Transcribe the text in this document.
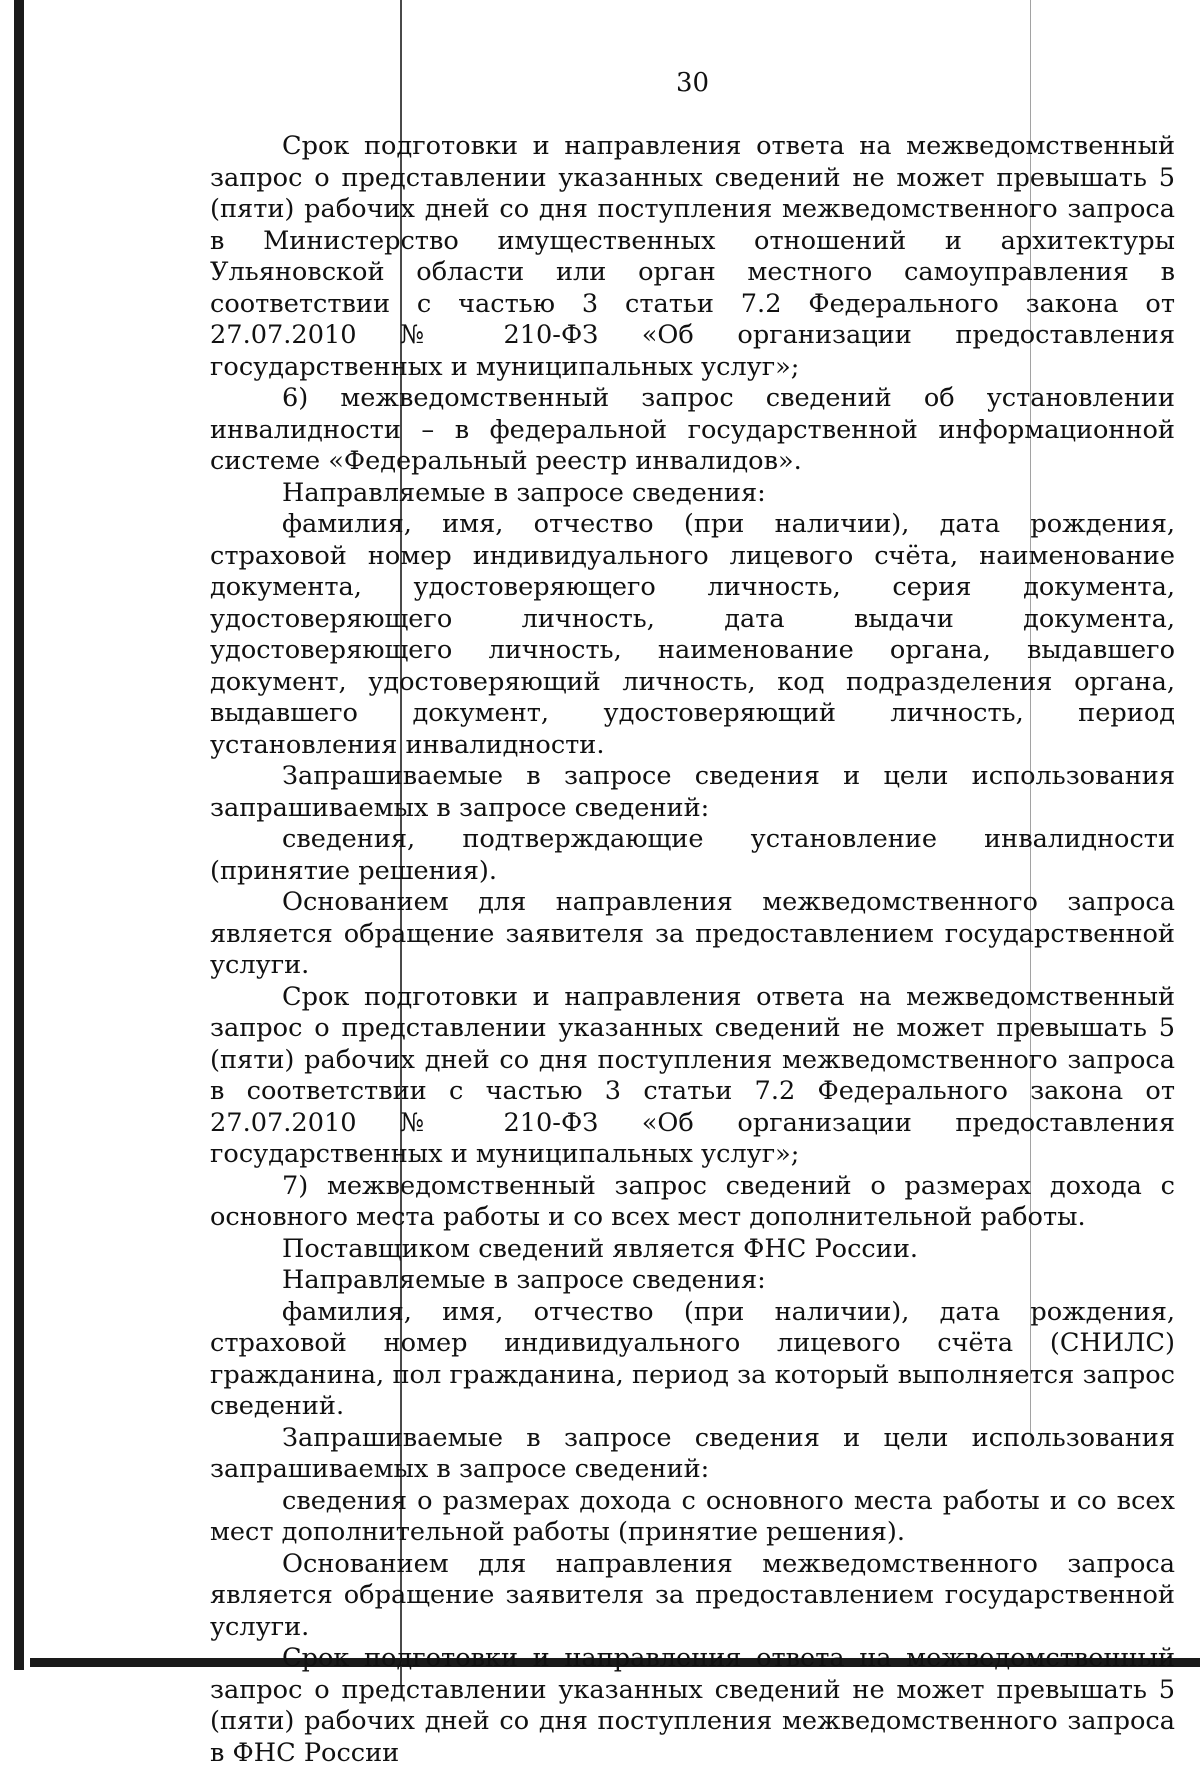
30

Срок подготовки и направления ответа на межведомственный запрос о представлении указанных сведений не может превышать 5 (пяти) рабочих дней со дня поступления межведомственного запроса в Министерство имущественных отношений и архитектуры Ульяновской области или орган местного самоуправления в соответствии с частью 3 статьи 7.2 Федерального закона от 27.07.2010 № 210-ФЗ «Об организации предоставления государственных и муниципальных услуг»;

6) межведомственный запрос сведений об установлении инвалидности – в федеральной государственной информационной системе «Федеральный реестр инвалидов».

Направляемые в запросе сведения:

фамилия, имя, отчество (при наличии), дата рождения, страховой номер индивидуального лицевого счёта, наименование документа, удостоверяющего личность, серия документа, удостоверяющего личность, дата выдачи документа, удостоверяющего личность, наименование органа, выдавшего документ, удостоверяющий личность, код подразделения органа, выдавшего документ, удостоверяющий личность, период установления инвалидности.

Запрашиваемые в запросе сведения и цели использования запрашиваемых в запросе сведений:

сведения, подтверждающие установление инвалидности (принятие решения).

Основанием для направления межведомственного запроса является обращение заявителя за предоставлением государственной услуги.

Срок подготовки и направления ответа на межведомственный запрос о представлении указанных сведений не может превышать 5 (пяти) рабочих дней со дня поступления межведомственного запроса в соответствии с частью 3 статьи 7.2 Федерального закона от 27.07.2010 № 210-ФЗ «Об организации предоставления государственных и муниципальных услуг»;

7) межведомственный запрос сведений о размерах дохода с основного места работы и со всех мест дополнительной работы.

Поставщиком сведений является ФНС России.

Направляемые в запросе сведения:

фамилия, имя, отчество (при наличии), дата рождения, страховой номер индивидуального лицевого счёта (СНИЛС) гражданина, пол гражданина, период за который выполняется запрос сведений.

Запрашиваемые в запросе сведения и цели использования запрашиваемых в запросе сведений:

сведения о размерах дохода с основного места работы и со всех мест дополнительной работы (принятие решения).

Основанием для направления межведомственного запроса является обращение заявителя за предоставлением государственной услуги.

Срок подготовки и направления ответа на межведомственный запрос о представлении указанных сведений не может превышать 5 (пяти) рабочих дней со дня поступления межведомственного запроса в ФНС России
